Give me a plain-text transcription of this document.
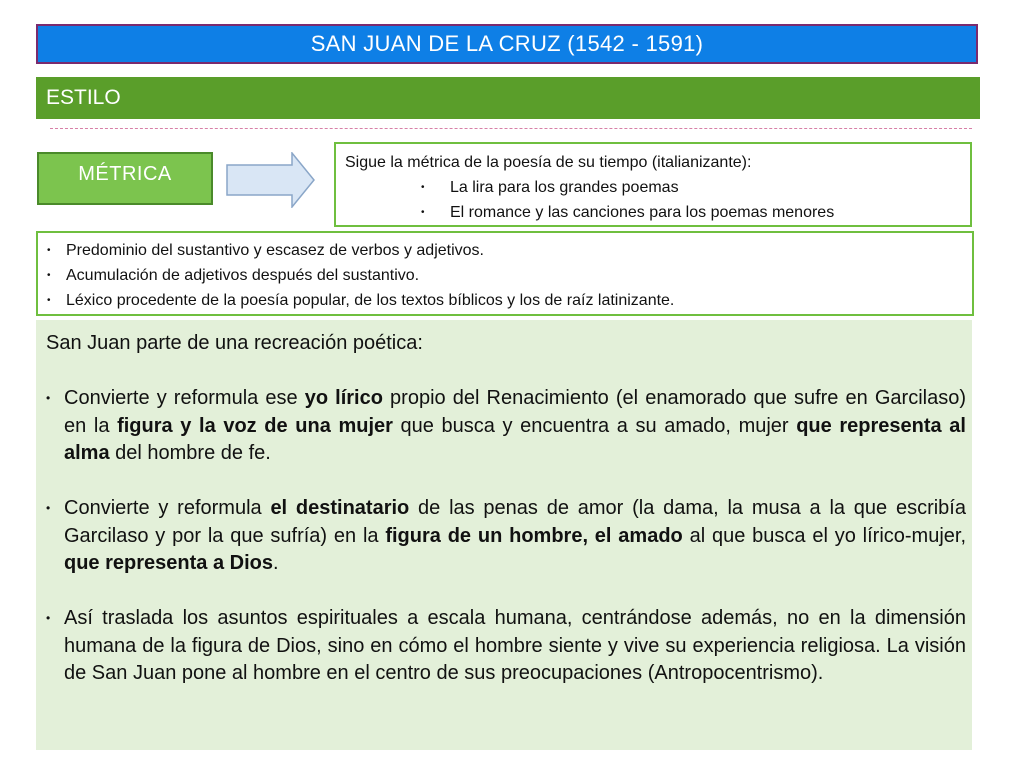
SAN JUAN DE LA CRUZ (1542 - 1591)
ESTILO
MÉTRICA
Sigue la métrica de la poesía de su tiempo (italianizante):
• La lira para los grandes poemas
• El romance y las canciones para los poemas menores
• Predominio del sustantivo y escasez de verbos y adjetivos.
• Acumulación de adjetivos después del sustantivo.
• Léxico procedente de la poesía popular, de los textos bíblicos y los de raíz latinizante.
San Juan parte de una recreación poética:
• Convierte y reformula ese yo lírico propio del Renacimiento (el enamorado que sufre en Garcilaso) en la figura y la voz de una mujer que busca y encuentra a su amado, mujer que representa al alma del hombre de fe.
• Convierte y reformula el destinatario de las penas de amor (la dama, la musa a la que escribía Garcilaso y por la que sufría) en la figura de un hombre, el amado al que busca el yo lírico-mujer, que representa a Dios.
• Así traslada los asuntos espirituales a escala humana, centrándose además, no en la dimensión humana de la figura de Dios, sino en cómo el hombre siente y vive su experiencia religiosa. La visión de San Juan pone al hombre en el centro de sus preocupaciones (Antropocentrismo).
